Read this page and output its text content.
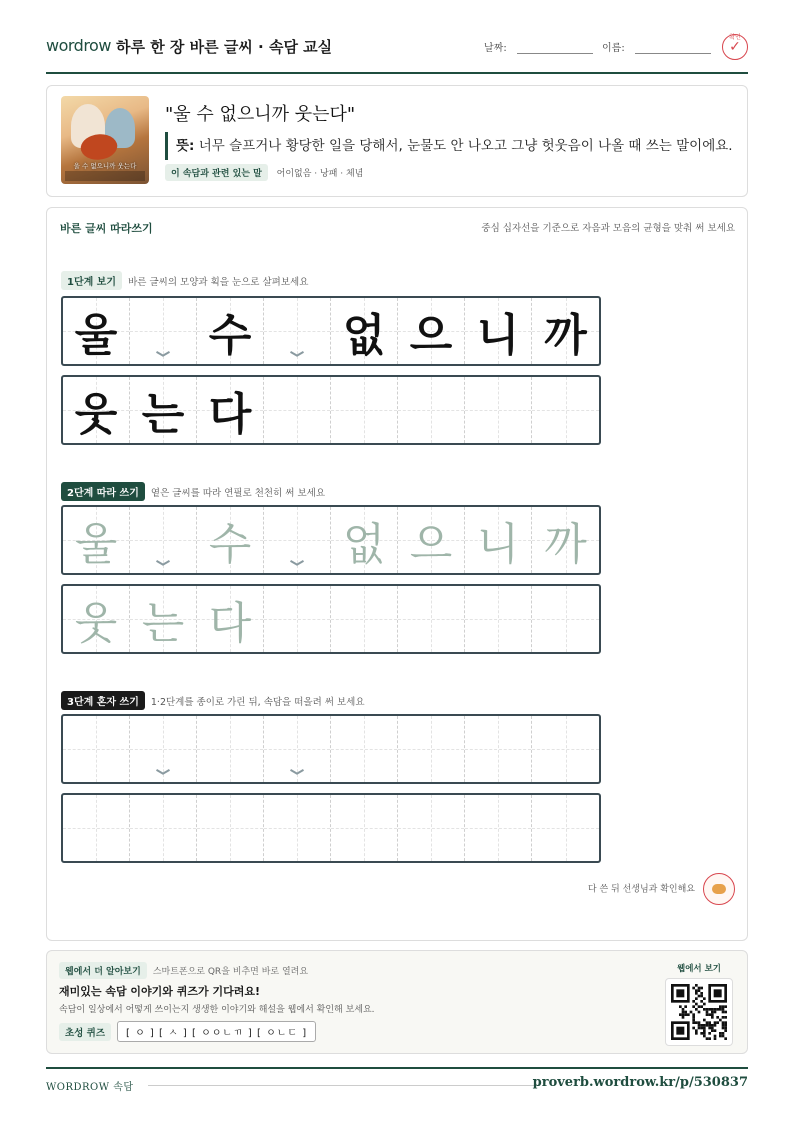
wordrow 하루 한 장 바른 글씨 · 속담 교실	날짜:	이름:
확인
✓
울 수 없으니까 웃는다
"울 수 없으니까 웃는다"
뜻: 너무 슬프거나 황당한 일을 당해서, 눈물도 안 나오고 그냥 헛웃음이 나올 때 쓰는 말이에요.
이 속담과 관련 있는 말 어이없음 · 낭패 · 체념
바른 글씨 따라쓰기	중심 십자선을 기준으로 자음과 모음의 균형을 맞춰 써 보세요
1단계 보기 바른 글씨의 모양과 획을 눈으로 살펴보세요
울 수 없 으 니 까
웃 는 다
2단계 따라 쓰기 옅은 글씨를 따라 연필로 천천히 써 보세요
울 수 없 으 니 까
웃 는 다
3단계 혼자 쓰기 1·2단계를 종이로 가린 뒤, 속담을 떠올려 써 보세요
다 쓴 뒤 선생님과 확인해요
웹에서 더 알아보기 스마트폰으로 QR을 비추면 바로 열려요
재미있는 속담 이야기와 퀴즈가 기다려요!
속담이 일상에서 어떻게 쓰이는지 생생한 이야기와 해설을 웹에서 확인해 보세요.
초성 퀴즈 [ ㅇ ] [ ㅅ ] [ ㅇㅇㄴㄲ ] [ ㅇㄴㄷ ]
웹에서 보기
WORDROW 속담	proverb.wordrow.kr/p/530837
